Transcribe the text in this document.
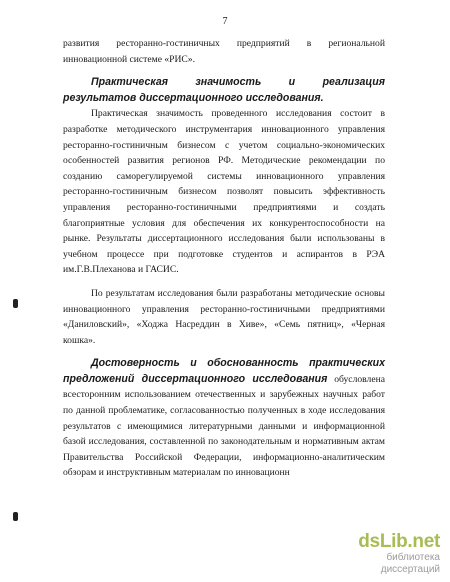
7

развития ресторанно-гостиничных предприятий в региональной инновационной системе «РИС».

Практическая значимость и реализация результатов диссертационного исследования.

Практическая значимость проведенного исследования состоит в разработке методического инструментария инновационного управления ресторанно-гостиничным бизнесом с учетом социально-экономических особенностей развития регионов РФ. Методические рекомендации по созданию саморегулируемой системы инновационного управления ресторанно-гостиничным бизнесом позволят повысить эффективность управления ресторанно-гостиничными предприятиями и создать благоприятные условия для обеспечения их конкурентоспособности на рынке. Результаты диссертационного исследования были использованы в учебном процессе при подготовке студентов и аспирантов в РЭА им.Г.В.Плеханова и ГАСИС.

По результатам исследования были разработаны методические основы инновационного управления ресторанно-гостиничными предприятиями «Даниловский», «Ходжа Насреддин в Хиве», «Семь пятниц», «Черная кошка».

Достоверность и обоснованность практических предложений диссертационного исследования обусловлена всесторонним использованием отечественных и зарубежных научных работ по данной проблематике, согласованностью полученных в ходе исследования результатов с имеющимися литературными данными и информационной базой исследования, составленной по законодательным и нормативным актам Правительства Российской Федерации, информационно-аналитическим обзорам и инструктивным материалам по инновационн

dsLib.net
библиотека диссертаций
